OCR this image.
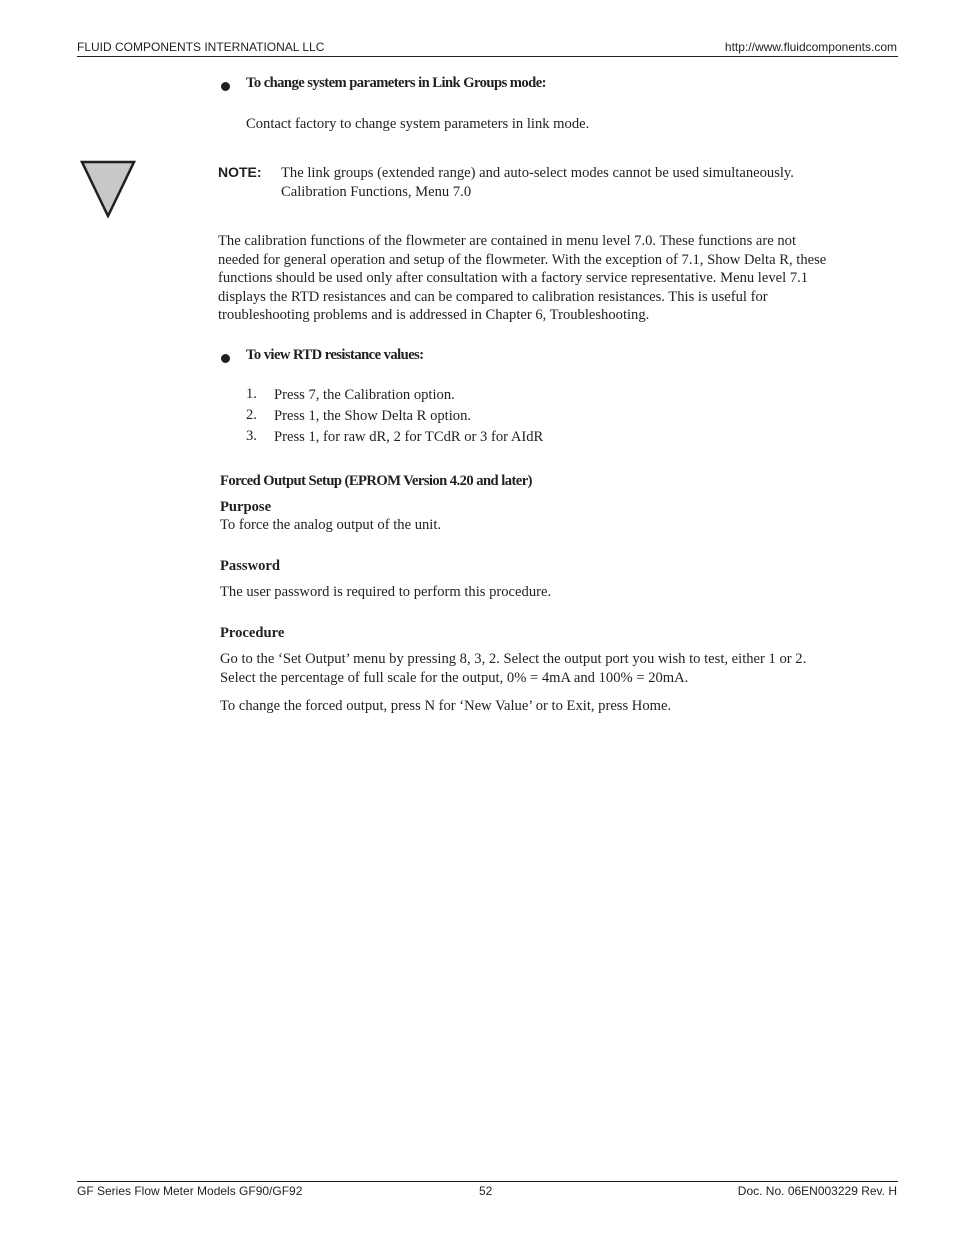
FLUID COMPONENTS INTERNATIONAL LLC	http://www.fluidcomponents.com
To change system parameters in Link Groups mode:
Contact factory to change system parameters in link mode.
NOTE: The link groups (extended range) and auto-select modes cannot be used simultaneously.
Calibration Functions, Menu 7.0
The calibration functions of the flowmeter are contained in menu level 7.0. These functions are not
needed for general operation and setup of the flowmeter. With the exception of 7.1, Show Delta R, these
functions should be used only after consultation with a factory service representative. Menu level 7.1
displays the RTD resistances and can be compared to calibration resistances. This is useful for
troubleshooting problems and is addressed in Chapter 6, Troubleshooting.
To view RTD resistance values:
1. Press 7, the Calibration option.
2. Press 1, the Show Delta R option.
3. Press 1, for raw dR, 2 for TCdR or 3 for AIdR
Forced Output Setup (EPROM Version 4.20 and later)
Purpose
To force the analog output of the unit.
Password
The user password is required to perform this procedure.
Procedure
Go to the ‘Set Output’ menu by pressing 8, 3, 2. Select the output port you wish to test, either 1 or 2.
Select the percentage of full scale for the output, 0% = 4mA and 100% = 20mA.
To change the forced output, press N for ‘New Value’ or to Exit, press Home.
GF Series Flow Meter Models GF90/GF92	52	Doc. No. 06EN003229 Rev. H
